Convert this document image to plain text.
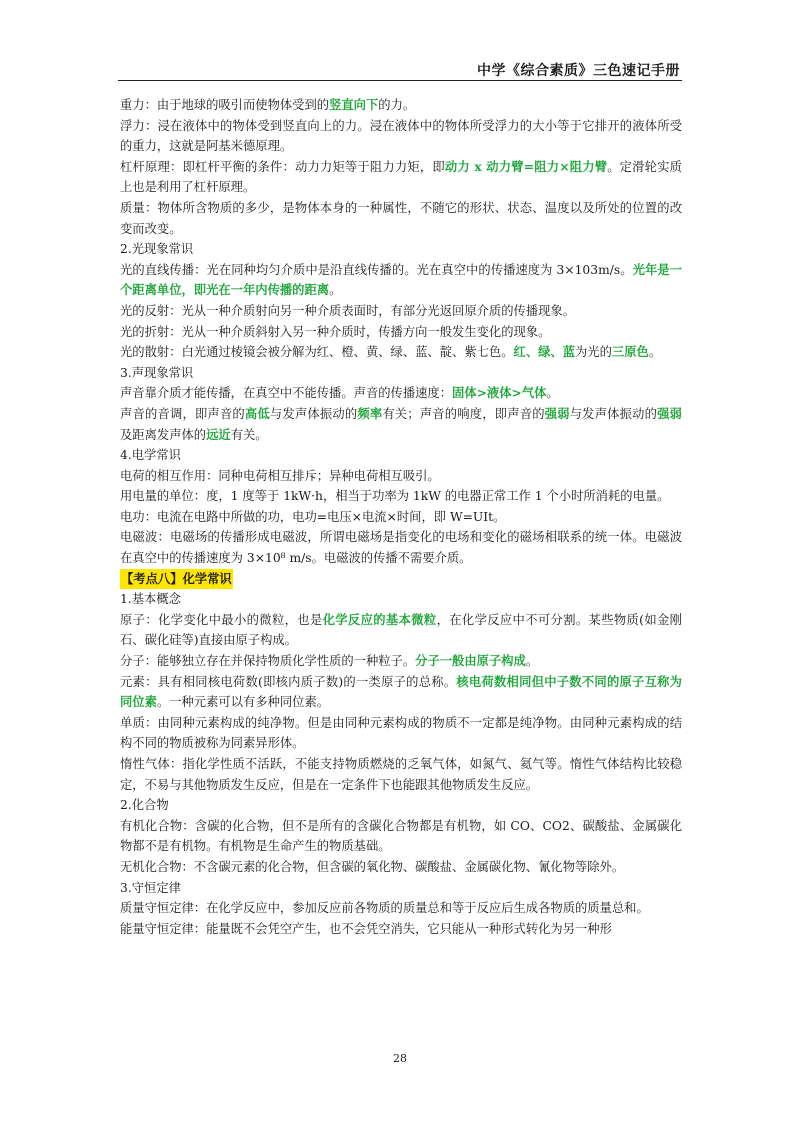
中学《综合素质》三色速记手册

重力：由于地球的吸引而使物体受到的竖直向下的力。

浮力：浸在液体中的物体受到竖直向上的力。浸在液体中的物体所受浮力的大小等于它排开的液体所受的重力，这就是阿基米德原理。

杠杆原理：即杠杆平衡的条件：动力力矩等于阻力力矩，即动力 x 动力臂=阻力×阻力臂。定滑轮实质上也是利用了杠杆原理。

质量：物体所含物质的多少，是物体本身的一种属性，不随它的形状、状态、温度以及所处的位置的改变而改变。

2.光现象常识

光的直线传播：光在同种均匀介质中是沿直线传播的。光在真空中的传播速度为 3×103m/s。光年是一个距离单位，即光在一年内传播的距离。

光的反射：光从一种介质射向另一种介质表面时，有部分光返回原介质的传播现象。

光的折射：光从一种介质斜射入另一种介质时，传播方向一般发生变化的现象。

光的散射：白光通过棱镜会被分解为红、橙、黄、绿、蓝、靛、紫七色。红、绿、蓝为光的三原色。

3.声现象常识

声音靠介质才能传播，在真空中不能传播。声音的传播速度：固体>液体>气体。

声音的音调，即声音的高低与发声体振动的频率有关；声音的响度，即声音的强弱与发声体振动的强弱及距离发声体的远近有关。

4.电学常识

电荷的相互作用：同种电荷相互排斥；异种电荷相互吸引。

用电量的单位：度，1 度等于 1kW·h，相当于功率为 1kW 的电器正常工作 1 个小时所消耗的电量。

电功：电流在电路中所做的功，电功=电压×电流×时间，即 W=UIt。

电磁波：电磁场的传播形成电磁波，所谓电磁场是指变化的电场和变化的磁场相联系的统一体。电磁波在真空中的传播速度为 3×10⁸ m/s。电磁波的传播不需要介质。

【考点八】化学常识

1.基本概念

原子：化学变化中最小的微粒，也是化学反应的基本微粒，在化学反应中不可分割。某些物质(如金刚石、碳化硅等)直接由原子构成。

分子：能够独立存在并保持物质化学性质的一种粒子。分子一般由原子构成。

元素：具有相同核电荷数(即核内质子数)的一类原子的总称。核电荷数相同但中子数不同的原子互称为同位素。一种元素可以有多种同位素。

单质：由同种元素构成的纯净物。但是由同种元素构成的物质不一定都是纯净物。由同种元素构成的结构不同的物质被称为同素异形体。

惰性气体：指化学性质不活跃，不能支持物质燃烧的乏氧气体，如氮气、氦气等。惰性气体结构比较稳定，不易与其他物质发生反应，但是在一定条件下也能跟其他物质发生反应。

2.化合物

有机化合物：含碳的化合物，但不是所有的含碳化合物都是有机物，如 CO、CO2、碳酸盐、金属碳化物都不是有机物。有机物是生命产生的物质基础。

无机化合物：不含碳元素的化合物，但含碳的氧化物、碳酸盐、金属碳化物、氰化物等除外。

3.守恒定律

质量守恒定律：在化学反应中，参加反应前各物质的质量总和等于反应后生成各物质的质量总和。

能量守恒定律：能量既不会凭空产生，也不会凭空消失，它只能从一种形式转化为另一种形

28
